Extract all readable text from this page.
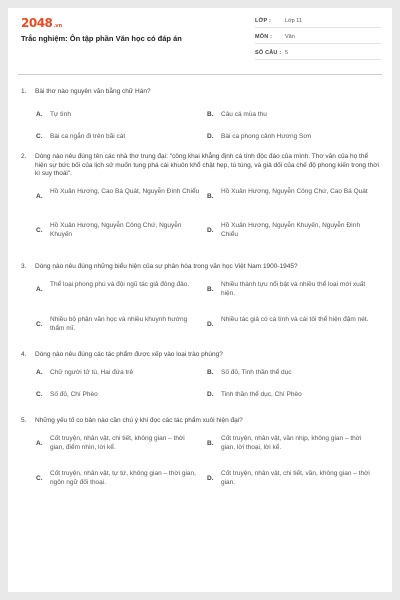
2048.vn
Trắc nghiệm: Ôn tập phần Văn học có đáp án
LỚP :	Lớp 11
MÔN : Văn
SỐ CÂU : 5
1. Bài thơ nào nguyên văn bằng chữ Hán?
A. Tự tình	B. Câu cá mùa thu
C. Bài ca ngắn đi trên bãi cát	D. Bài ca phong cảnh Hương Sơn
2. Dòng nào nêu đúng tên các nhà thơ trung đại: "công khai khẳng định cá tính độc đáo của mình. Thơ văn của họ thể hiện sự bức bối của lịch sử muốn tung phá cái khuôn khổ chật hẹp, tù túng, và giả dối của chế độ phong kiến trong thời kì suy thoái".
A.
Hồ Xuân Hương, Cao Bá Quát, Nguyễn Đình Chiểu
B.
Hồ Xuân Hương, Nguyễn Công Chứ, Cao Bá Quát
C.
Hồ Xuân Hương, Nguyễn Công Chứ, Nguyễn Khuyến
D.
Hồ Xuân Hương, Nguyễn Khuyến, Nguyễn Đình Chiểu
3. Dòng nào nêu đúng những biểu hiện của sự phân hóa trong văn học Việt Nam 1900-1945?
A.
Thể loại phong phú và đội ngũ tác giả đông đảo.
B.
Nhiều thành tựu nổi bật và nhiều thể loại mới xuất hiện.
C.
Nhiều bộ phận văn học và nhiều khuynh hướng thẩm mĩ.
D.
Nhiều tác giả có cá tính và cái tôi thể hiện đậm nét.
4. Dòng nào nêu đúng các tác phẩm được xếp vào loại trào phúng?
A. Chữ người tử tù, Hai đứa trẻ	B. Số đỏ, Tinh thần thể dục
C. Số đỏ, Chí Phèo	D. Tinh thần thể dục, Chí Phèo
5. Những yếu tố co bản nào cần chú ý khi đọc các tác phẩm xuôi hiện đại?
A.
Cốt truyện, nhân vật, chi tiết, không gian – thời gian, điểm nhìn, lời kể.
B.
Cốt truyện, nhân vật, vần nhịp, không gian – thời gian, lời thoại, lời kể.
C.
Cốt truyện, nhân vật, tự tứ, không gian – thời gian, ngôn ngữ đối thoại.
D.
Cốt truyện, nhân vật, chi tiết, vần, không gian – thời gian.
